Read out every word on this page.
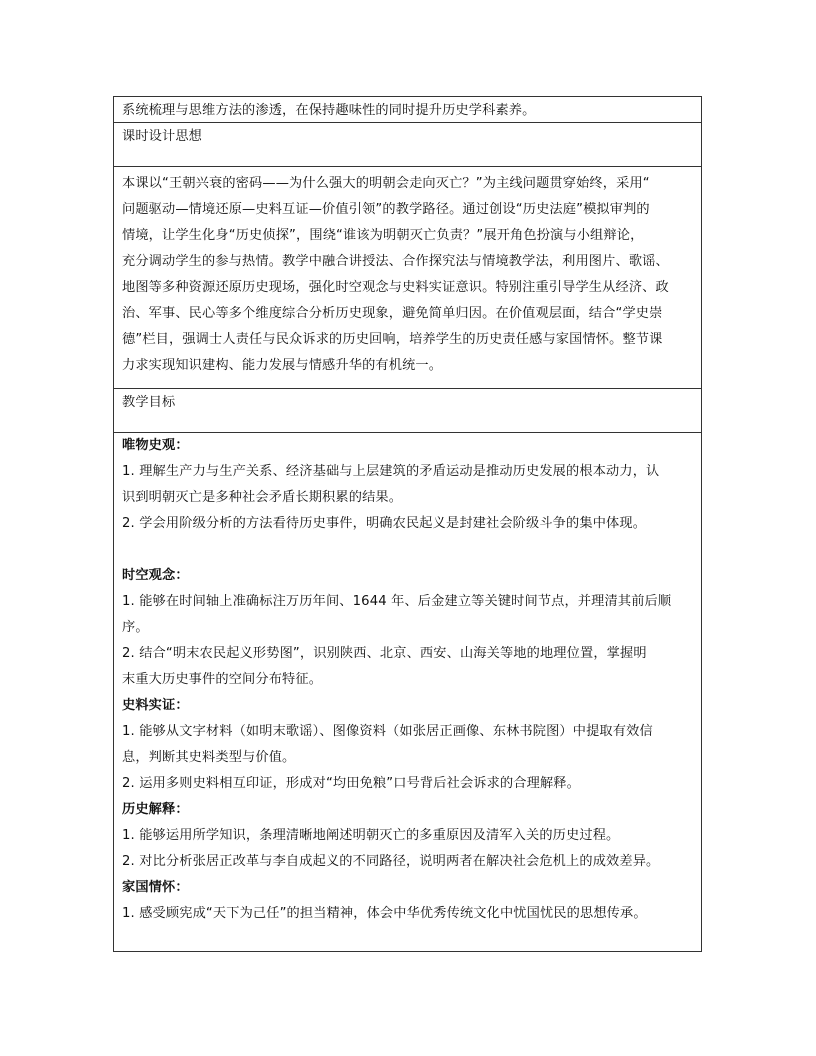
系统梳理与思维方法的渗透，在保持趣味性的同时提升历史学科素养。

课时设计思想

本课以“王朝兴衰的密码——为什么强大的明朝会走向灭亡？”为主线问题贯穿始终，采用“

问题驱动—情境还原—史料互证—价值引领”的教学路径。通过创设“历史法庭”模拟审判的

情境，让学生化身“历史侦探”，围绕“谁该为明朝灭亡负责？”展开角色扮演与小组辩论，

充分调动学生的参与热情。教学中融合讲授法、合作探究法与情境教学法，利用图片、歌谣、

地图等多种资源还原历史现场，强化时空观念与史料实证意识。特别注重引导学生从经济、政

治、军事、民心等多个维度综合分析历史现象，避免简单归因。在价值观层面，结合“学史崇

德”栏目，强调士人责任与民众诉求的历史回响，培养学生的历史责任感与家国情怀。整节课

力求实现知识建构、能力发展与情感升华的有机统一。

教学目标

唯物史观：

1. 理解生产力与生产关系、经济基础与上层建筑的矛盾运动是推动历史发展的根本动力，认

识到明朝灭亡是多种社会矛盾长期积累的结果。

2. 学会用阶级分析的方法看待历史事件，明确农民起义是封建社会阶级斗争的集中体现。

时空观念：

1. 能够在时间轴上准确标注万历年间、1644 年、后金建立等关键时间节点，并理清其前后顺

序。

2. 结合“明末农民起义形势图”，识别陕西、北京、西安、山海关等地的地理位置，掌握明

末重大历史事件的空间分布特征。

史料实证：

1. 能够从文字材料（如明末歌谣）、图像资料（如张居正画像、东林书院图）中提取有效信

息，判断其史料类型与价值。

2. 运用多则史料相互印证，形成对“均田免粮”口号背后社会诉求的合理解释。

历史解释：

1. 能够运用所学知识，条理清晰地阐述明朝灭亡的多重原因及清军入关的历史过程。

2. 对比分析张居正改革与李自成起义的不同路径，说明两者在解决社会危机上的成效差异。

家国情怀：

1. 感受顾宪成“天下为己任”的担当精神，体会中华优秀传统文化中忧国忧民的思想传承。
